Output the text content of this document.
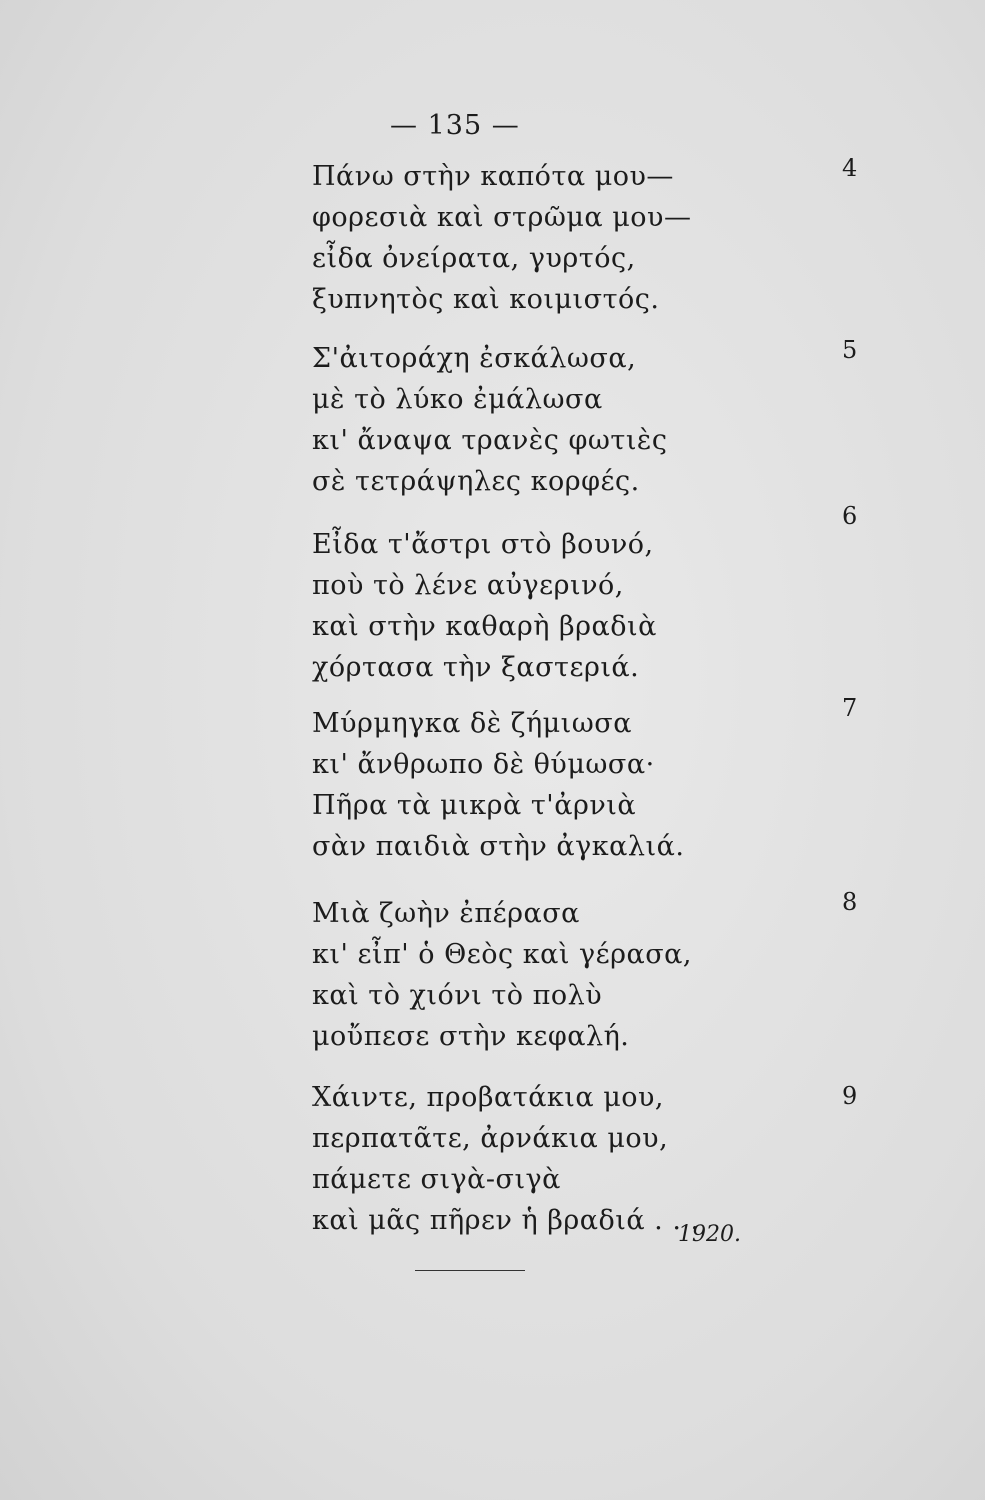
— 135 —
4
Πάνω στὴν καπότα μου—
φορεσιὰ καὶ στρῶμα μου—
εἶδα ὀνείρατα, γυρτός,
ξυπνητὸς καὶ κοιμιστός.
5
Σ'ἀιτοράχη ἐσκάλωσα,
μὲ τὸ λύκο ἐμάλωσα
κι' ἄναψα τρανὲς φωτιὲς
σὲ τετράψηλες κορφές.
6
Εἶδα τ'ἄστρι στὸ βουνό,
ποὺ τὸ λένε αὐγερινό,
καὶ στὴν καθαρὴ βραδιὰ
χόρτασα τὴν ξαστεριά.
7
Μύρμηγκα δὲ ζήμιωσα
κι' ἄνθρωπο δὲ θύμωσα·
Πῆρα τὰ μικρὰ τ'ἀρνιὰ
σὰν παιδιὰ στὴν ἀγκαλιά.
8
Μιὰ ζωὴν ἐπέρασα
κι' εἶπ' ὁ Θεὸς καὶ γέρασα,
καὶ τὸ χιόνι τὸ πολὺ
μοὔπεσε στὴν κεφαλή.
9
Χάιντε, προβατάκια μου,
περπατᾶτε, ἀρνάκια μου,
πάμετε σιγὰ-σιγὰ
καὶ μᾶς πῆρεν ἡ βραδιά . . .
1920.
